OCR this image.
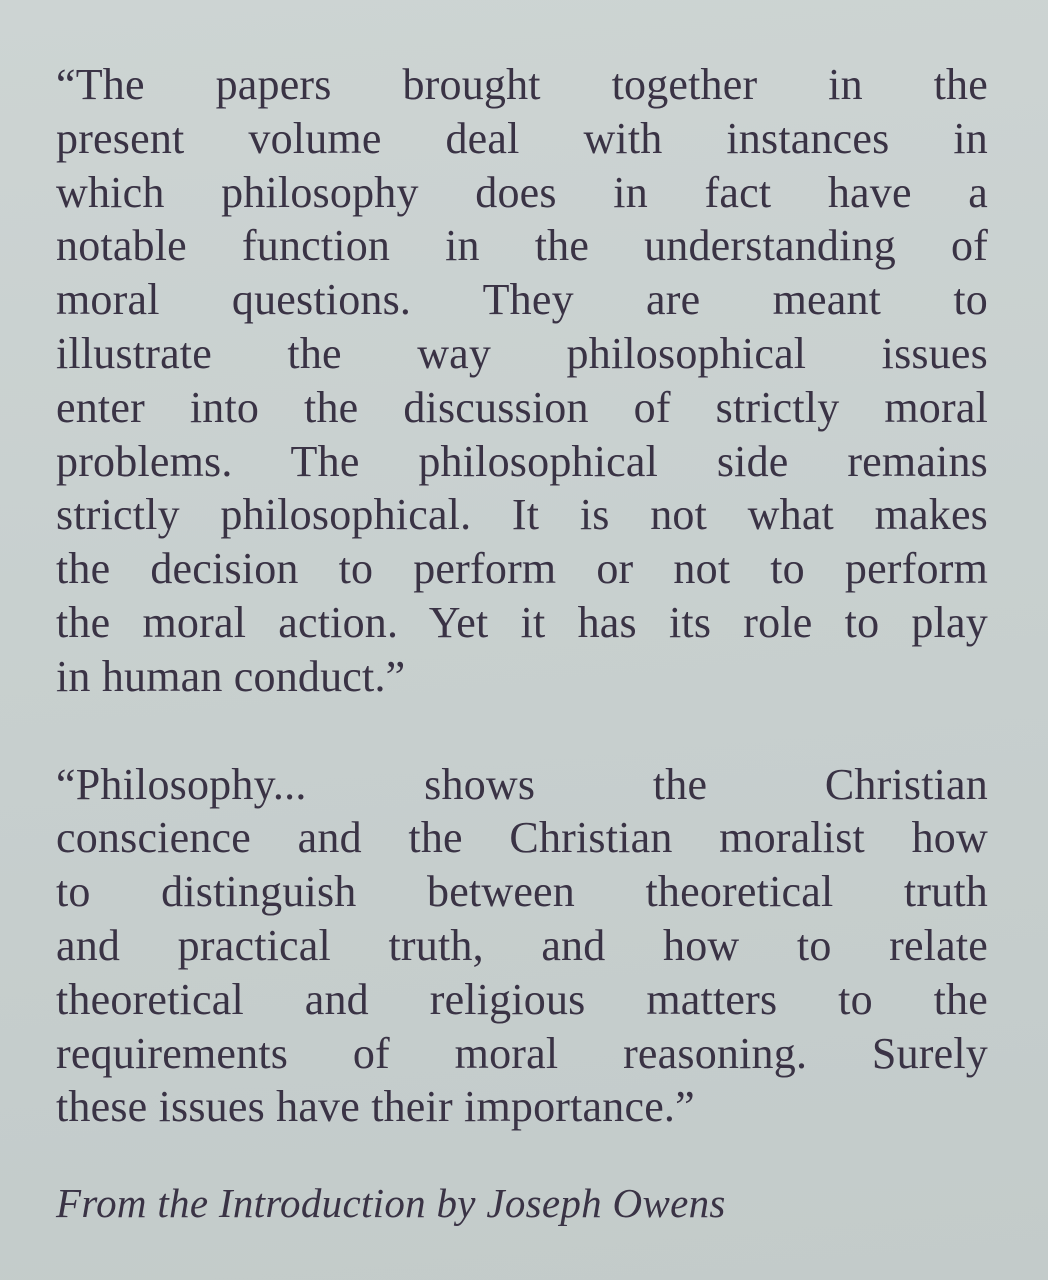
“The papers brought together in the
present volume deal with instances in
which philosophy does in fact have a
notable function in the understanding of
moral questions. They are meant to
illustrate the way philosophical issues
enter into the discussion of strictly moral
problems. The philosophical side remains
strictly philosophical. It is not what makes
the decision to perform or not to perform
the moral action. Yet it has its role to play
in human conduct.”

“Philosophy... shows the Christian
conscience and the Christian moralist how
to distinguish between theoretical truth
and practical truth, and how to relate
theoretical and religious matters to the
requirements of moral reasoning. Surely
these issues have their importance.”

From the Introduction by Joseph Owens
